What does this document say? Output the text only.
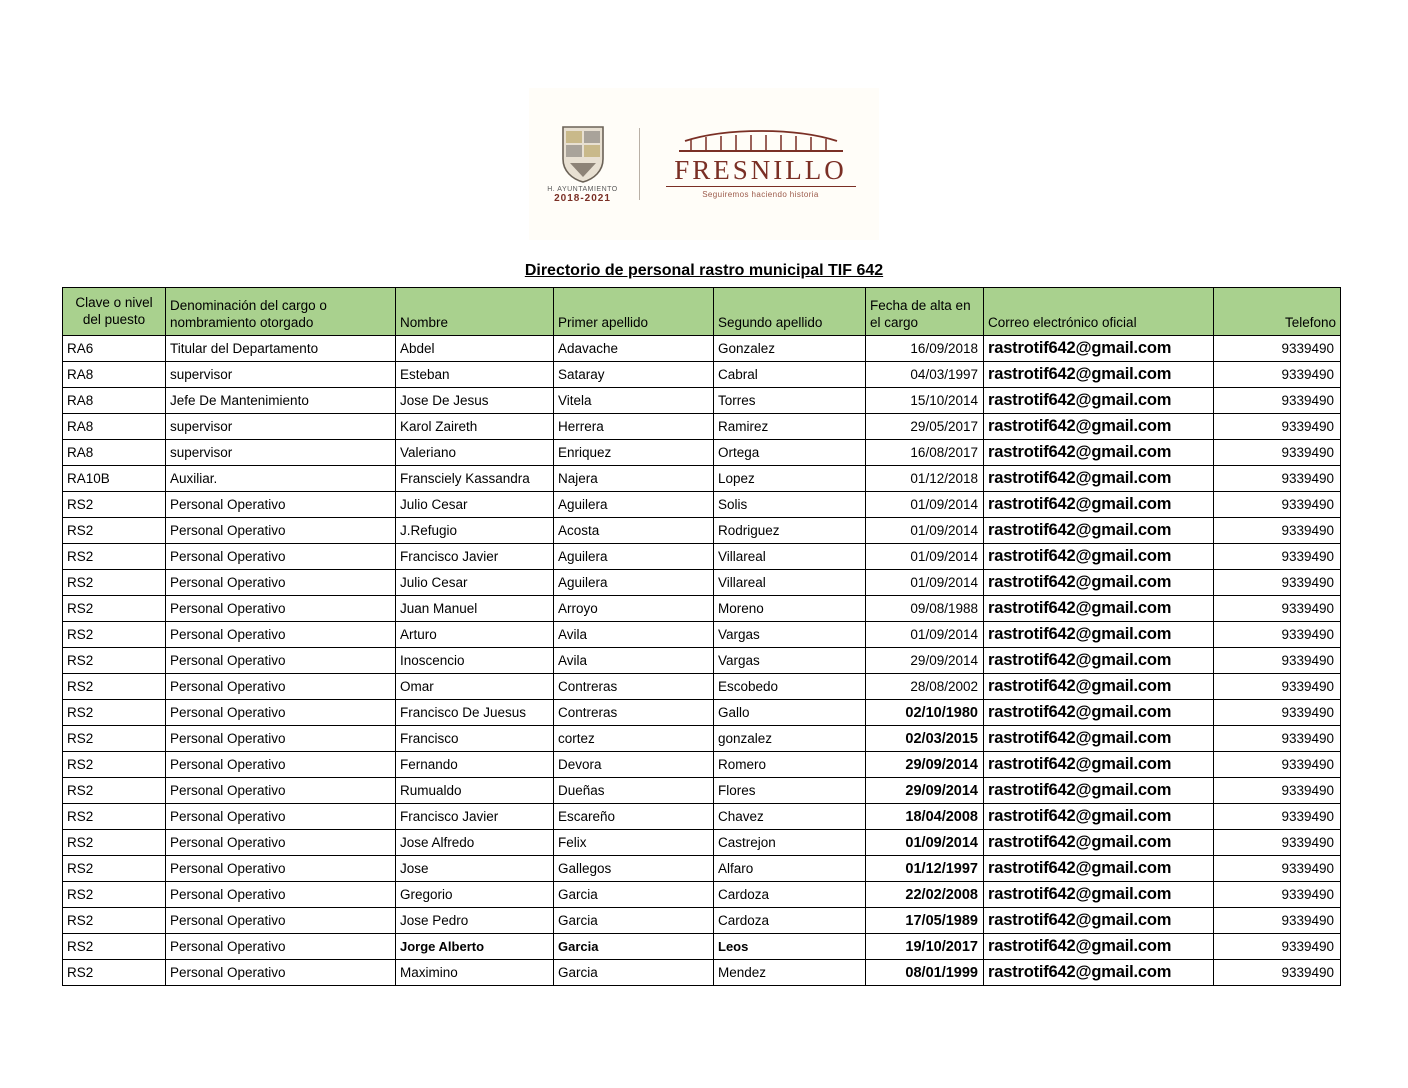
H. AYUNTAMIENTO
2018-2021
FRESNILLO
Seguiremos haciendo historia
Directorio de personal rastro municipal TIF 642
Clave o nivel del puesto	Denominación del cargo o nombramiento otorgado	Nombre	Primer apellido	Segundo apellido	Fecha de alta en el cargo	Correo electrónico oficial	Telefono
RA6	Titular del Departamento	Abdel	Adavache	Gonzalez	16/09/2018	rastrotif642@gmail.com	9339490
RA8	supervisor	Esteban	Sataray	Cabral	04/03/1997	rastrotif642@gmail.com	9339490
RA8	Jefe De Mantenimiento	Jose De Jesus	Vitela	Torres	15/10/2014	rastrotif642@gmail.com	9339490
RA8	supervisor	Karol Zaireth	Herrera	Ramirez	29/05/2017	rastrotif642@gmail.com	9339490
RA8	supervisor	Valeriano	Enriquez	Ortega	16/08/2017	rastrotif642@gmail.com	9339490
RA10B	Auxiliar.	Fransciely Kassandra	Najera	Lopez	01/12/2018	rastrotif642@gmail.com	9339490
RS2	Personal Operativo	Julio Cesar	Aguilera	Solis	01/09/2014	rastrotif642@gmail.com	9339490
RS2	Personal Operativo	J.Refugio	Acosta	Rodriguez	01/09/2014	rastrotif642@gmail.com	9339490
RS2	Personal Operativo	Francisco Javier	Aguilera	Villareal	01/09/2014	rastrotif642@gmail.com	9339490
RS2	Personal Operativo	Julio Cesar	Aguilera	Villareal	01/09/2014	rastrotif642@gmail.com	9339490
RS2	Personal Operativo	Juan Manuel	Arroyo	Moreno	09/08/1988	rastrotif642@gmail.com	9339490
RS2	Personal Operativo	Arturo	Avila	Vargas	01/09/2014	rastrotif642@gmail.com	9339490
RS2	Personal Operativo	Inoscencio	Avila	Vargas	29/09/2014	rastrotif642@gmail.com	9339490
RS2	Personal Operativo	Omar	Contreras	Escobedo	28/08/2002	rastrotif642@gmail.com	9339490
RS2	Personal Operativo	Francisco De Juesus	Contreras	Gallo	02/10/1980	rastrotif642@gmail.com	9339490
RS2	Personal Operativo	Francisco	cortez	gonzalez	02/03/2015	rastrotif642@gmail.com	9339490
RS2	Personal Operativo	Fernando	Devora	Romero	29/09/2014	rastrotif642@gmail.com	9339490
RS2	Personal Operativo	Rumualdo	Dueñas	Flores	29/09/2014	rastrotif642@gmail.com	9339490
RS2	Personal Operativo	Francisco Javier	Escareño	Chavez	18/04/2008	rastrotif642@gmail.com	9339490
RS2	Personal Operativo	Jose Alfredo	Felix	Castrejon	01/09/2014	rastrotif642@gmail.com	9339490
RS2	Personal Operativo	Jose	Gallegos	Alfaro	01/12/1997	rastrotif642@gmail.com	9339490
RS2	Personal Operativo	Gregorio	Garcia	Cardoza	22/02/2008	rastrotif642@gmail.com	9339490
RS2	Personal Operativo	Jose Pedro	Garcia	Cardoza	17/05/1989	rastrotif642@gmail.com	9339490
RS2	Personal Operativo	Jorge Alberto	Garcia	Leos	19/10/2017	rastrotif642@gmail.com	9339490
RS2	Personal Operativo	Maximino	Garcia	Mendez	08/01/1999	rastrotif642@gmail.com	9339490
